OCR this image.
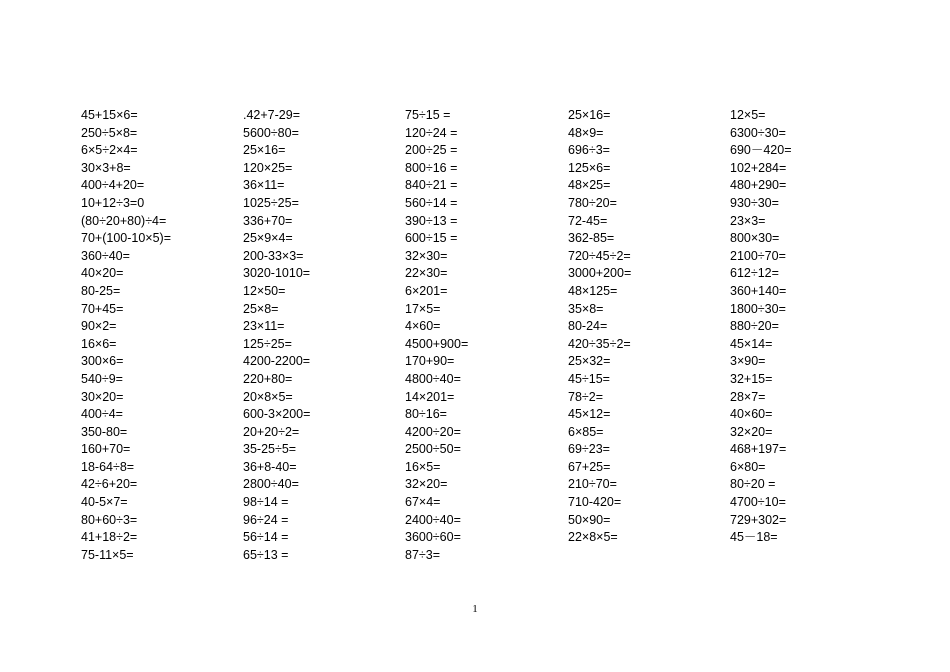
45+15×6=
250÷5×8=
6×5÷2×4=
30×3+8=
400÷4+20=
10+12÷3=0
(80÷20+80)÷4=
70+(100-10×5)=
360÷40=
40×20=
80-25=
70+45=
90×2=
16×6=
300×6=
540÷9=
30×20=
400÷4=
350-80=
160+70=
18-64÷8=
42÷6+20=
40-5×7=
80+60÷3=
41+18÷2=
75-11×5=
.42+7-29=
5600÷80=
25×16=
120×25=
36×11=
1025÷25=
336+70=
25×9×4=
200-33×3=
3020-1010=
12×50=
25×8=
23×11=
125÷25=
4200-2200=
220+80=
20×8×5=
600-3×200=
20+20÷2=
35-25÷5=
36+8-40=
2800÷40=
98÷14 =
96÷24 =
56÷14 =
65÷13 =
75÷15 =
120÷24 =
200÷25 =
800÷16 =
840÷21 =
560÷14 =
390÷13 =
600÷15 =
32×30=
22×30=
6×201=
17×5=
4×60=
4500+900=
170+90=
4800÷40=
14×201=
80÷16=
4200÷20=
2500÷50=
16×5=
32×20=
67×4=
2400÷40=
3600÷60=
87÷3=
25×16=
48×9=
696÷3=
125×6=
48×25=
780÷20=
72-45=
362-85=
720÷45÷2=
3000+200=
48×125=
35×8=
80-24=
420÷35÷2=
25×32=
45÷15=
78÷2=
45×12=
6×85=
69÷23=
67+25=
210÷70=
710-420=
50×90=
22×8×5=
12×5=
6300÷30=
690－420=
102+284=
480+290=
930÷30=
23×3=
800×30=
2100÷70=
612÷12=
360+140=
1800÷30=
880÷20=
45×14=
3×90=
32+15=
28×7=
40×60=
32×20=
468+197=
6×80=
80÷20 =
4700÷10=
729+302=
45－18=
1
